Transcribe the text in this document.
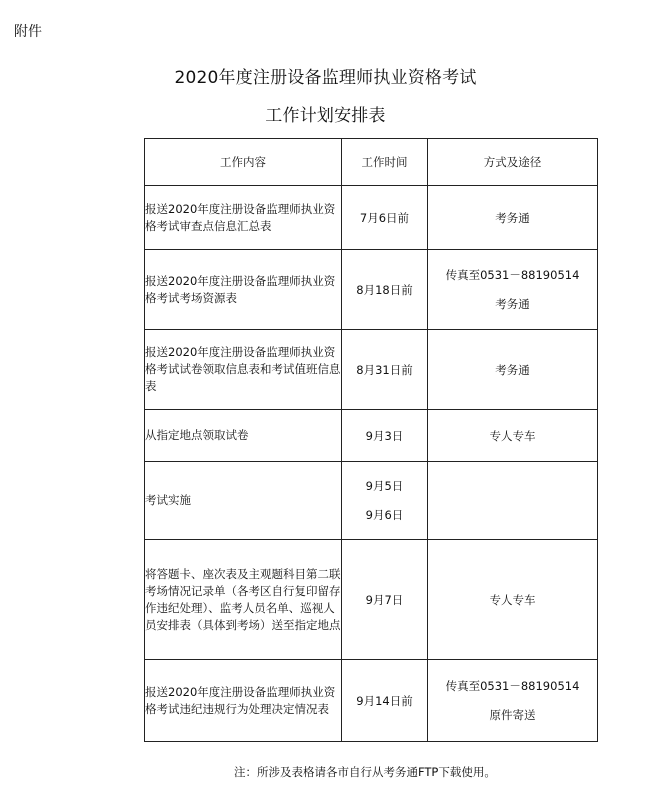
附件
2020年度注册设备监理师执业资格考试
工作计划安排表
工作内容	工作时间	方式及途径
报送2020年度注册设备监理师执业资格考试审查点信息汇总表	7月6日前	考务通

报送2020年度注册设备监理师执业资格考试考场资源表	8月18日前	传真至0531－88190514
考务通

报送2020年度注册设备监理师执业资格考试试卷领取信息表和考试值班信息表	8月31日前	考务通

从指定地点领取试卷	9月3日	专人专车

考试实施	9月5日
9月6日	

将答题卡、座次表及主观题科目第二联考场情况记录单（各考区自行复印留存作违纪处理）、监考人员名单、巡视人员安排表（具体到考场）送至指定地点	9月7日	专人专车

报送2020年度注册设备监理师执业资格考试违纪违规行为处理决定情况表	9月14日前	传真至0531－88190514
原件寄送
注：所涉及表格请各市自行从考务通FTP下载使用。
